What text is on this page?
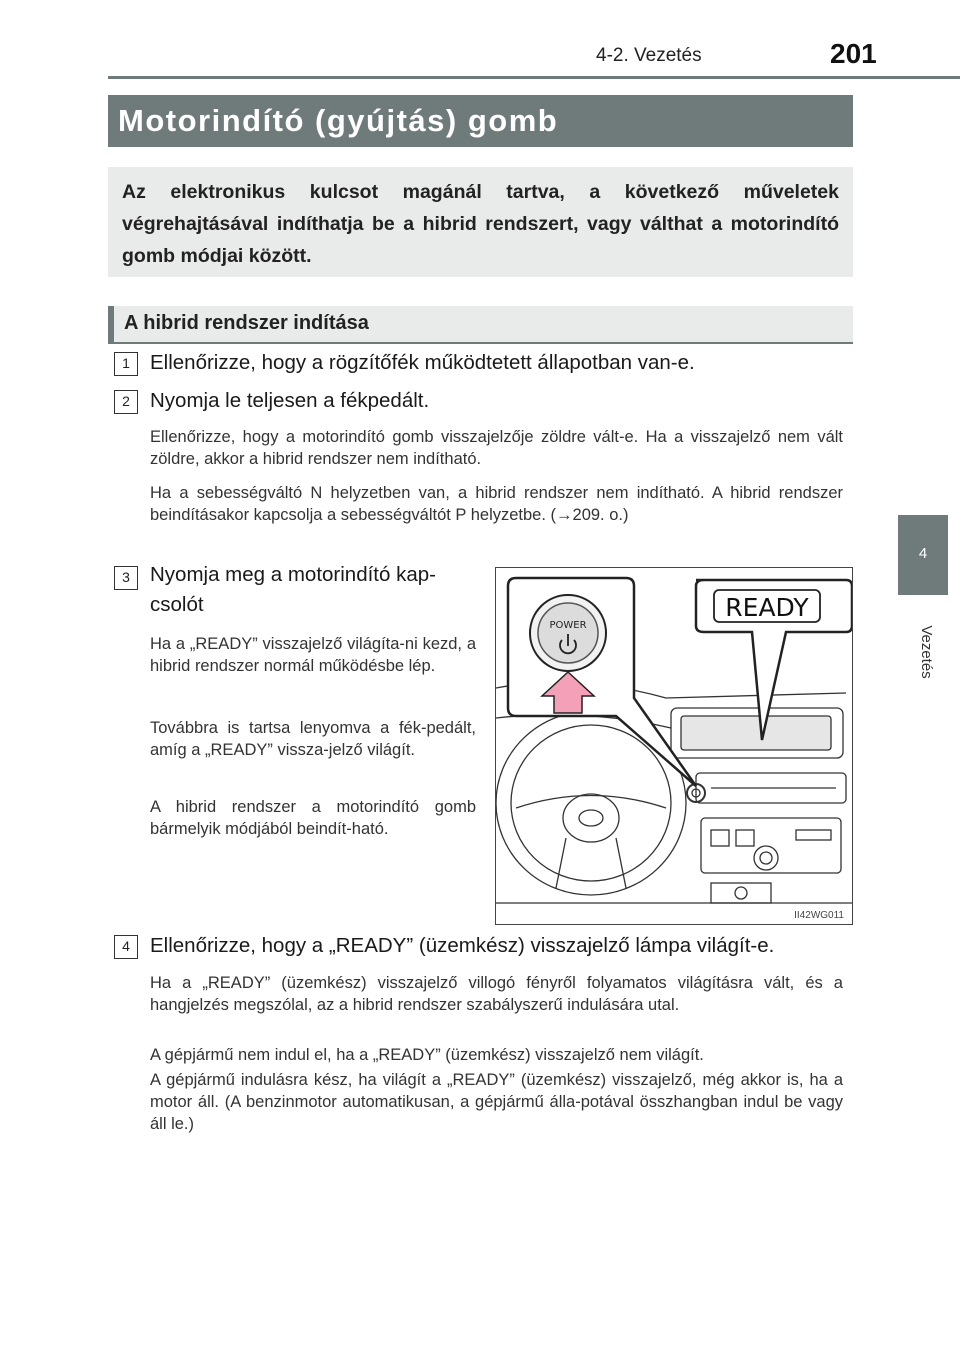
4-2. Vezetés	201
4
Vezetés
Motorindító (gyújtás) gomb

Az elektronikus kulcsot magánál tartva, a következő műveletek végrehajtásával indíthatja be a hibrid rendszert, vagy válthat a motorindító gomb módjai között.

A hibrid rendszer indítása
1 Ellenőrizze, hogy a rögzítőfék működtetett állapotban van-e.
2 Nyomja le teljesen a fékpedált.

Ellenőrizze, hogy a motorindító gomb visszajelzője zöldre vált-e. Ha a visszajelző nem vált zöldre, akkor a hibrid rendszer nem indítható.

Ha a sebességváltó N helyzetben van, a hibrid rendszer nem indítható. A hibrid rendszer beindításakor kapcsolja a sebességváltót P helyzetbe. (→209. o.)

3 Nyomja meg a motorindító kap-
csolót

Ha a „READY” visszajelző világíta-ni kezd, a hibrid rendszer normál működésbe lép.

Továbbra is tartsa lenyomva a fék-pedált, amíg a „READY” vissza-jelző világít.

A hibrid rendszer a motorindító gomb bármelyik módjából beindít-ható.

READY
POWER
II42WG011
4 Ellenőrizze, hogy a „READY” (üzemkész) visszajelző lámpa világít-e.

Ha a „READY” (üzemkész) visszajelző villogó fényről folyamatos világításra vált, és a hangjelzés megszólal, az a hibrid rendszer szabályszerű indulására utal.

A gépjármű nem indul el, ha a „READY” (üzemkész) visszajelző nem világít.

A gépjármű indulásra kész, ha világít a „READY” (üzemkész) visszajelző, még akkor is, ha a motor áll. (A benzinmotor automatikusan, a gépjármű álla-potával összhangban indul be vagy áll le.)
